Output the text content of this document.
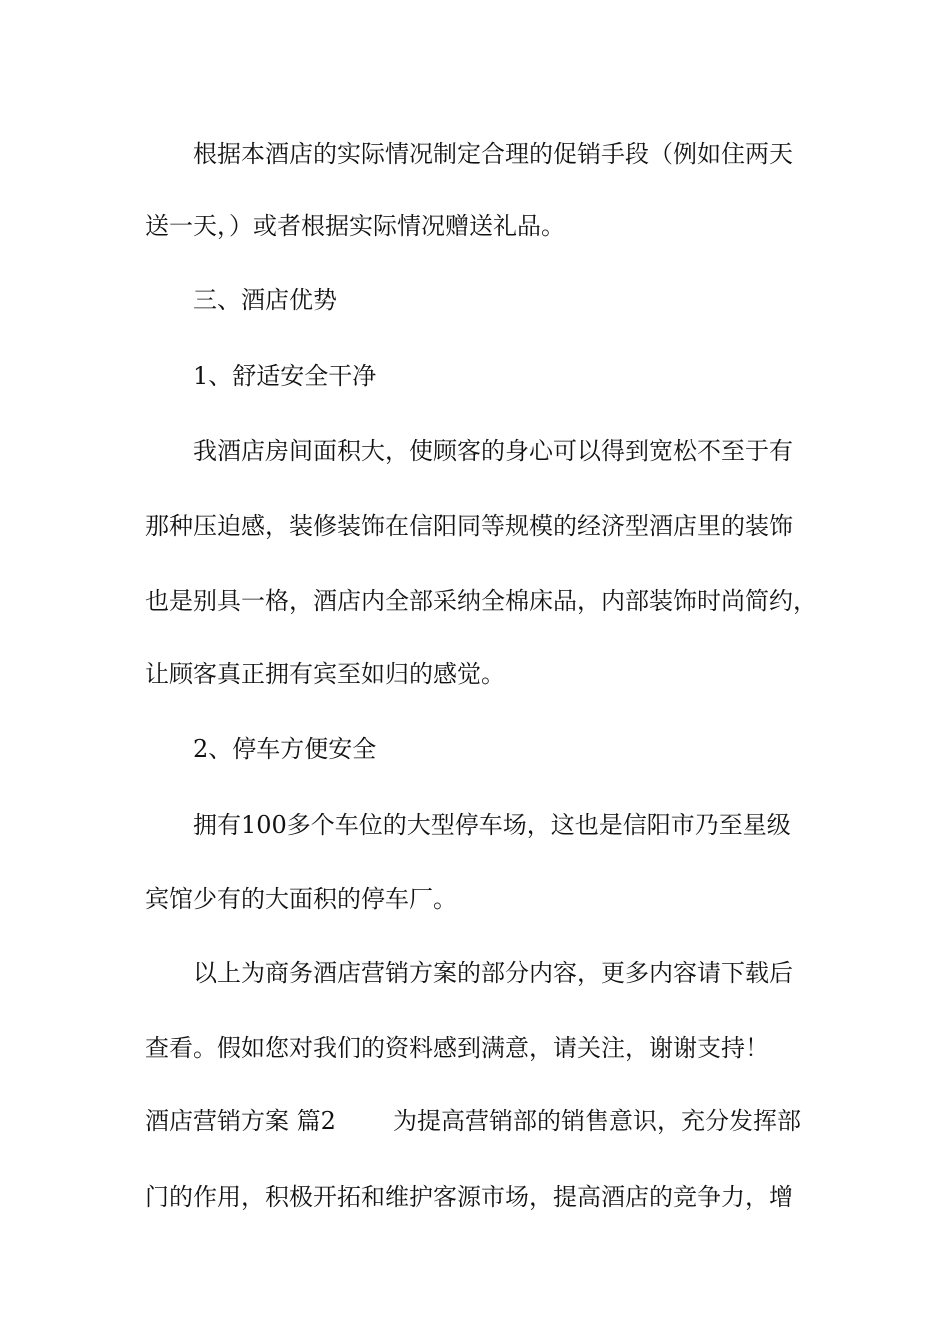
根据本酒店的实际情况制定合理的促销手段（例如住两天
送一天，）或者根据实际情况赠送礼品。
三、酒店优势
1、舒适安全干净
我酒店房间面积大，使顾客的身心可以得到宽松不至于有
那种压迫感，装修装饰在信阳同等规模的经济型酒店里的装饰
也是别具一格，酒店内全部采纳全棉床品，内部装饰时尚简约，
让顾客真正拥有宾至如归的感觉。
2、停车方便安全
拥有100多个车位的大型停车场，这也是信阳市乃至星级
宾馆少有的大面积的停车厂。
以上为商务酒店营销方案的部分内容，更多内容请下载后
查看。假如您对我们的资料感到满意，请关注，谢谢支持！
酒店营销方案 篇2 为提高营销部的销售意识，充分发挥部
门的作用，积极开拓和维护客源市场，提高酒店的竞争力，增
